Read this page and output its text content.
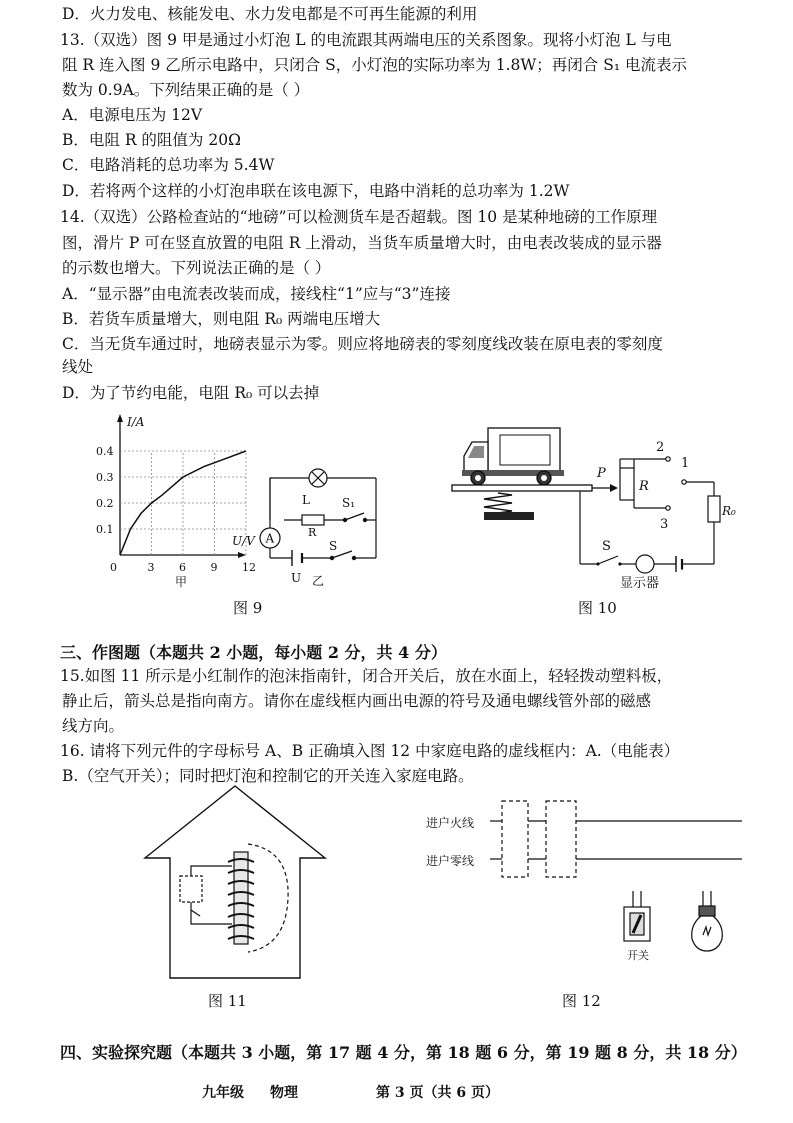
D．火力发电、核能发电、水力发电都是不可再生能源的利用
13.（双选）图 9 甲是通过小灯泡 L 的电流跟其两端电压的关系图象。现将小灯泡 L 与电
阻 R 连入图 9 乙所示电路中，只闭合 S，小灯泡的实际功率为 1.8W；再闭合 S₁ 电流表示
数为 0.9A。下列结果正确的是（ ）
A．电源电压为 12V
B．电阻 R 的阻值为 20Ω
C．电路消耗的总功率为 5.4W
D．若将两个这样的小灯泡串联在该电源下，电路中消耗的总功率为 1.2W
14.（双选）公路检查站的“地磅”可以检测货车是否超载。图 10 是某种地磅的工作原理
图，滑片 P 可在竖直放置的电阻 R 上滑动，当货车质量增大时，由电表改装成的显示器
的示数也增大。下列说法正确的是（ ）
A．“显示器”由电流表改装而成，接线柱“1”应与“3”连接
B．若货车质量增大，则电阻 R₀ 两端电压增大
C．当无货车通过时，地磅表显示为零。则应将地磅表的零刻度线改装在原电表的零刻度
线处
D．为了节约电能，电阻 R₀ 可以去掉
I/A
U/V
0.4
0.3
0.2
0.1
0	3 6 9 12
甲
A
L	S₁
R
S
U 乙
图 9
P
R
1
2
3
R₀
S
显示器
图 10
三、作图题（本题共 2 小题，每小题 2 分，共 4 分）
15.如图 11 所示是小红制作的泡沫指南针，闭合开关后，放在水面上，轻轻拨动塑料板，
静止后，箭头总是指向南方。请你在虚线框内画出电源的符号及通电螺线管外部的磁感
线方向。
16. 请将下列元件的字母标号 A、B 正确填入图 12 中家庭电路的虚线框内：A.（电能表）
B.（空气开关）；同时把灯泡和控制它的开关连入家庭电路。
图 11
进户火线
进户零线
开关
图 12
四、实验探究题（本题共 3 小题，第 17 题 4 分，第 18 题 6 分，第 19 题 8 分，共 18 分）
九年级 物理	第 3 页（共 6 页）
